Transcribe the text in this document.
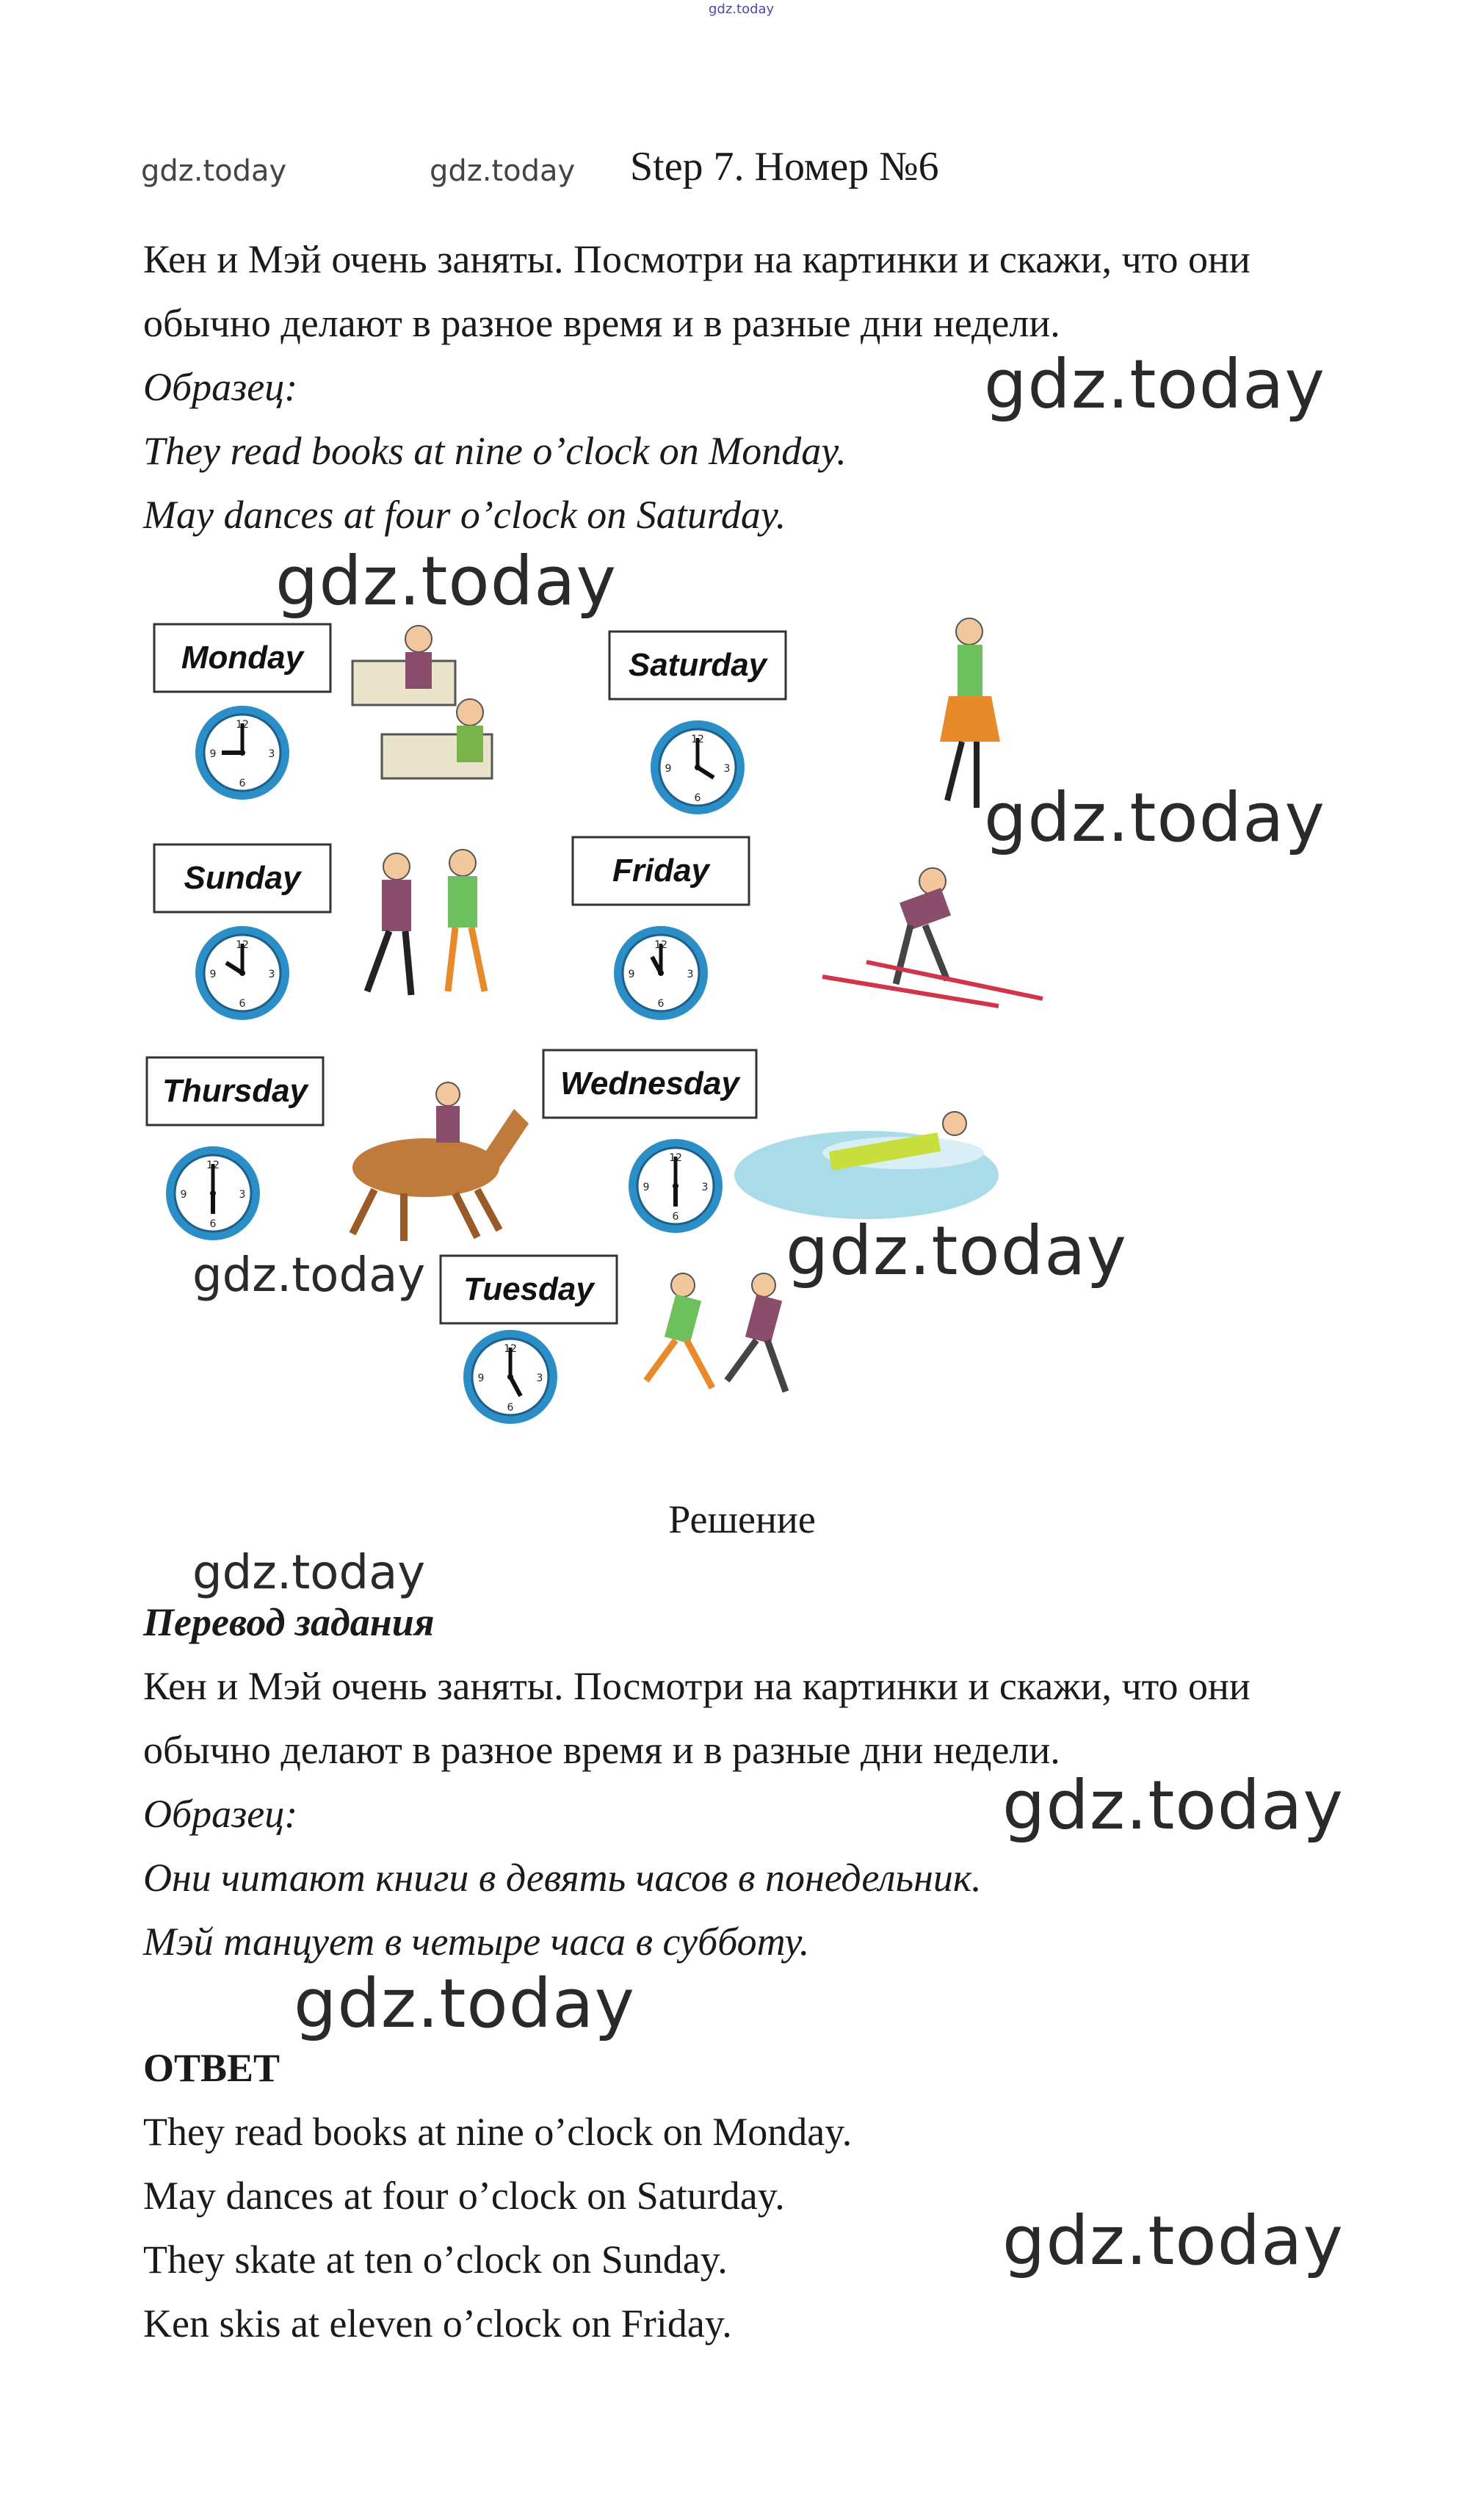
gdz.today
gdz.today	gdz.today Step 7. Номер №6
Кен и Мэй очень заняты. Посмотри на картинки и скажи, что они
обычно делают в разное время и в разные дни недели.
Образец:	gdz.today
They read books at nine o’clock on Monday.
May dances at four o’clock on Saturday.
gdz.today
12
3
6
9
Monday	Saturday
Sunday	Friday
Thursday	Wednesday
Tuesday
gdz.today
gdz.today	gdz.today
Решение
gdz.today
Перевод задания
Кен и Мэй очень заняты. Посмотри на картинки и скажи, что они
обычно делают в разное время и в разные дни недели.
Образец:	gdz.today
Они читают книги в девять часов в понедельник.
Мэй танцует в четыре часа в субботу.
gdz.today
ОТВЕТ
They read books at nine o’clock on Monday.
May dances at four o’clock on Saturday.
They skate at ten o’clock on Sunday.	gdz.today
Ken skis at eleven o’clock on Friday.
